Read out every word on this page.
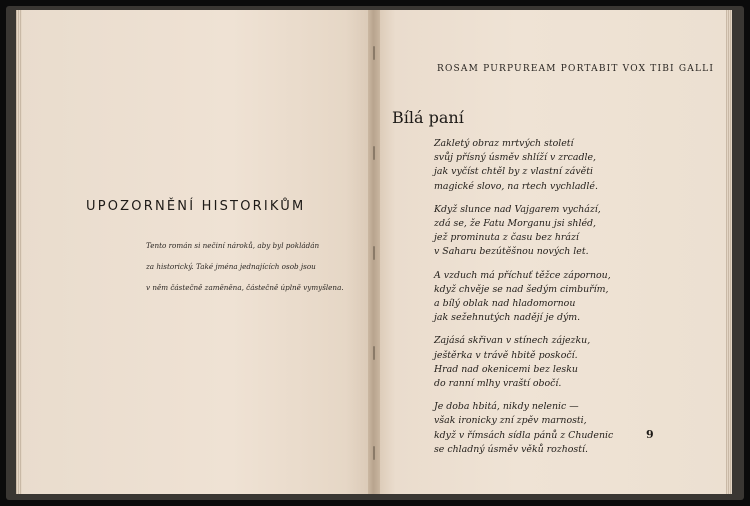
UPOZORNĚNÍ HISTORIKŮM
Tento román si nečiní nároků, aby byl pokládán
za historický. Také jména jednajících osob jsou
v něm částečně zaměněna, částečně úplně vymyšlena.
ROSAM PURPUREAM PORTABIT VOX TIBI GALLI
Bílá paní
Zakletý obraz mrtvých století
svůj přísný úsměv shlíží v zrcadle,
jak vyčíst chtěl by z vlastní závěti
magické slovo, na rtech vychladlé.
Když slunce nad Vajgarem vychází,
zdá se, že Fatu Morganu jsi shléd,
jež prominuta z času bez hrází
v Saharu bezútěšnou nových let.
A vzduch má příchuť těžce zápornou,
když chvěje se nad šedým cimbuřím,
a bílý oblak nad hladomornou
jak sežehnutých nadějí je dým.
Zajásá skřivan v stínech zájezku,
ještěrka v trávě hbitě poskočí.
Hrad nad okenicemi bez lesku
do ranní mlhy vraští obočí.
Je doba hbitá, nikdy nelenic —
však ironicky zní zpěv marnosti,
když v římsách sídla pánů z Chudenic
se chladný úsměv věků rozhostí.
9
